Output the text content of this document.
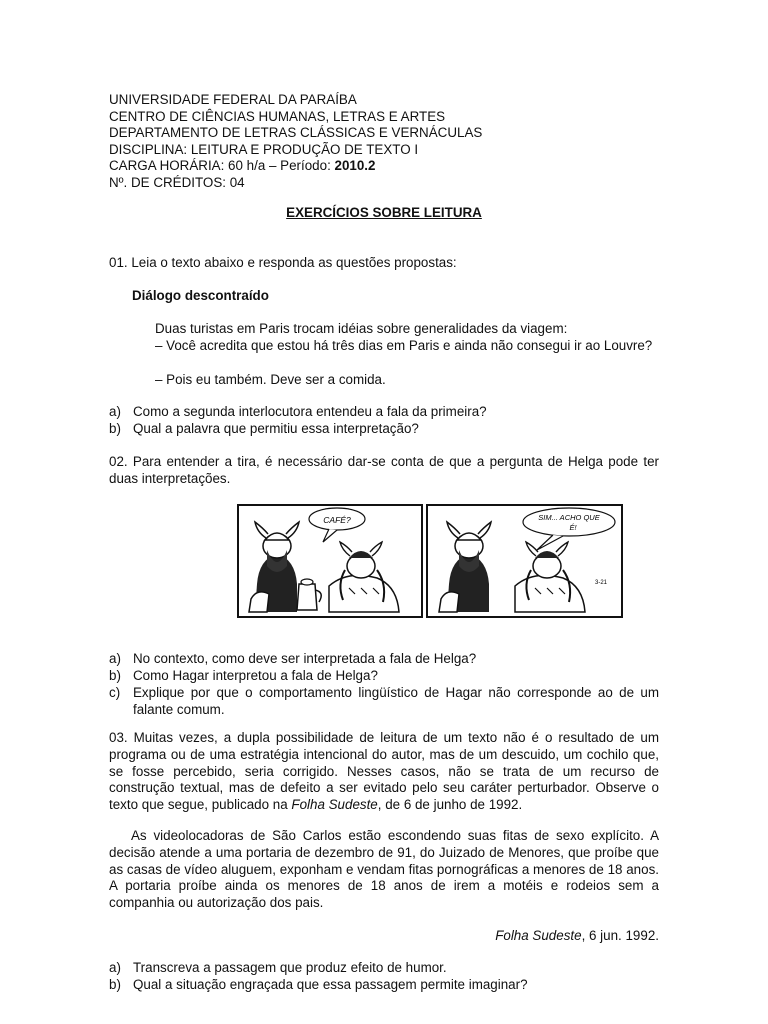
UNIVERSIDADE FEDERAL DA PARAÍBA
CENTRO DE CIÊNCIAS HUMANAS, LETRAS E ARTES
DEPARTAMENTO DE LETRAS CLÁSSICAS E VERNÁCULAS
DISCIPLINA: LEITURA E PRODUÇÃO DE TEXTO I
CARGA HORÁRIA: 60 h/a – Período: 2010.2
Nº. DE CRÉDITOS: 04
EXERCÍCIOS SOBRE LEITURA
01. Leia o texto abaixo e responda as questões propostas:
Diálogo descontraído
Duas turistas em Paris trocam idéias sobre generalidades da viagem:
– Você acredita que estou há três dias em Paris e ainda não consegui ir ao Louvre?
– Pois eu também. Deve ser a comida.
a) Como a segunda interlocutora entendeu a fala da primeira?
b) Qual a palavra que permitiu essa interpretação?
02. Para entender a tira, é necessário dar-se conta de que a pergunta de Helga pode ter duas interpretações.
CAFÉ?	SIM... ACHO QUE
É!
3-21
a) No contexto, como deve ser interpretada a fala de Helga?
b) Como Hagar interpretou a fala de Helga?
c) Explique por que o comportamento lingüístico de Hagar não corresponde ao de um falante comum.
03. Muitas vezes, a dupla possibilidade de leitura de um texto não é o resultado de um programa ou de uma estratégia intencional do autor, mas de um descuido, um cochilo que, se fosse percebido, seria corrigido. Nesses casos, não se trata de um recurso de construção textual, mas de defeito a ser evitado pelo seu caráter perturbador. Observe o texto que segue, publicado na Folha Sudeste, de 6 de junho de 1992.
As videolocadoras de São Carlos estão escondendo suas fitas de sexo explícito. A decisão atende a uma portaria de dezembro de 91, do Juizado de Menores, que proíbe que as casas de vídeo aluguem, exponham e vendam fitas pornográficas a menores de 18 anos. A portaria proíbe ainda os menores de 18 anos de irem a motéis e rodeios sem a companhia ou autorização dos pais.
Folha Sudeste, 6 jun. 1992.
a) Transcreva a passagem que produz efeito de humor.
b) Qual a situação engraçada que essa passagem permite imaginar?
